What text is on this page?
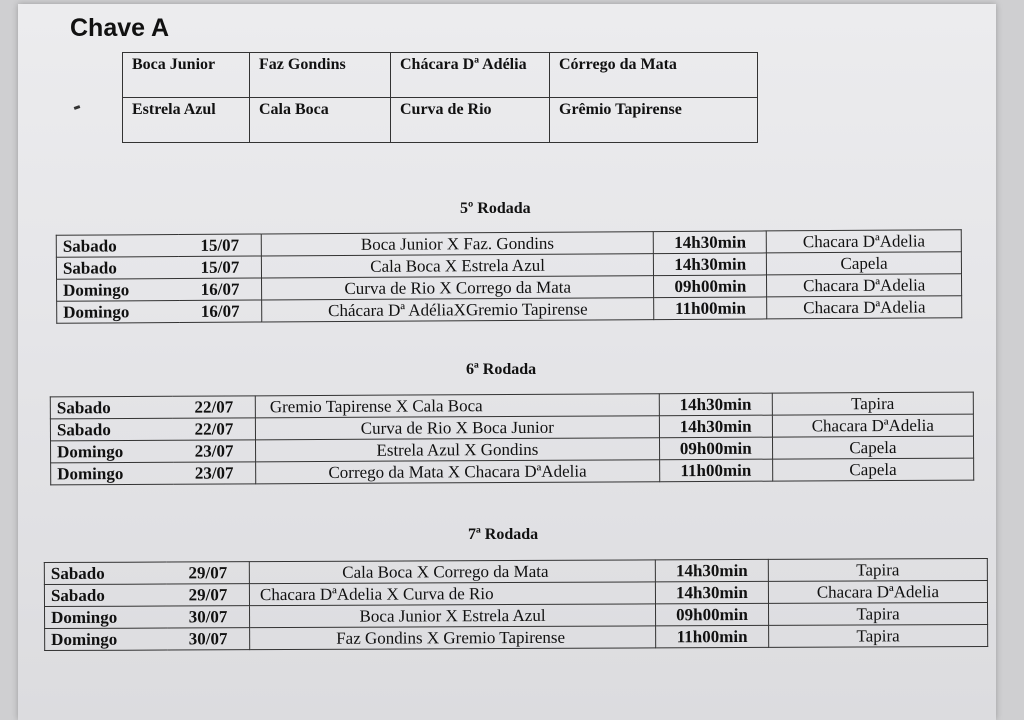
Chave A
Boca Junior	Faz Gondins	Chácara Dª Adélia	Córrego da Mata
Estrela Azul	Cala Boca	Curva de Rio	Grêmio Tapirense
5º Rodada
Sabado	15/07	Boca Junior X Faz. Gondins	14h30min	Chacara DªAdelia
Sabado	15/07	Cala Boca X Estrela Azul	14h30min	Capela
Domingo	16/07	Curva de Rio X Corrego da Mata	09h00min	Chacara DªAdelia
Domingo	16/07	Chácara Dª AdéliaXGremio Tapirense	11h00min	Chacara DªAdelia
6ª Rodada
Sabado	22/07	Gremio Tapirense X Cala Boca	14h30min	Tapira
Sabado	22/07	Curva de Rio X Boca Junior	14h30min	Chacara DªAdelia
Domingo	23/07	Estrela Azul X Gondins	09h00min	Capela
Domingo	23/07	Corrego da Mata X Chacara DªAdelia	11h00min	Capela
7ª Rodada
Sabado	29/07	Cala Boca X Corrego da Mata	14h30min	Tapira
Sabado	29/07	Chacara DªAdelia X Curva de Rio	14h30min	Chacara DªAdelia
Domingo	30/07	Boca Junior X Estrela Azul	09h00min	Tapira
Domingo	30/07	Faz Gondins X Gremio Tapirense	11h00min	Tapira
